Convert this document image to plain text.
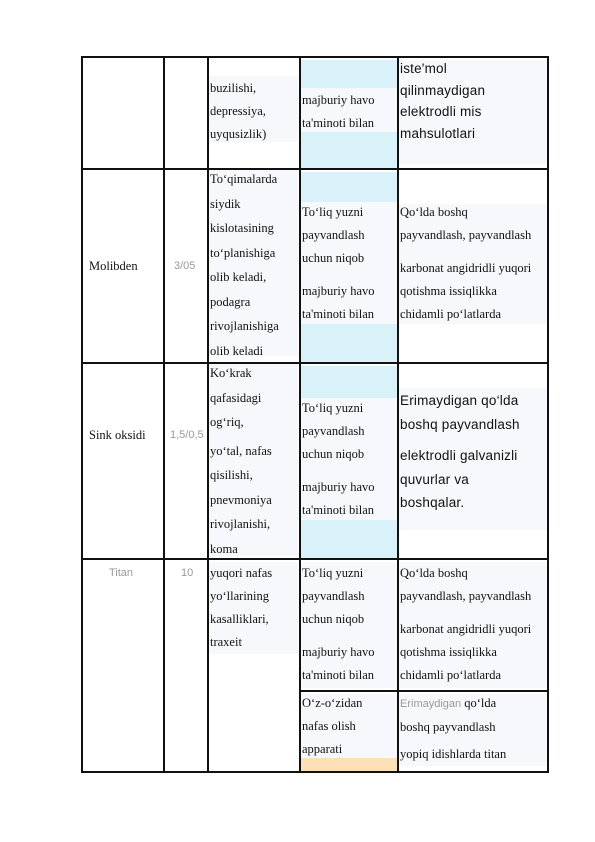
buzilishi,
depressiya,
uyqusizlik)
majburiy havo
ta'minoti bilan
iste'mol
qilinmaydigan
elektrodli mis
mahsulotlari
Molibden	3/05
To‘qimalarda
siydik
kislotasining
to‘planishiga
olib keladi,
podagra
rivojlanishiga
olib keladi
To‘liq yuzni
payvandlash
uchun niqob
majburiy havo
ta'minoti bilan
Qo‘lda boshq
payvandlash, payvandlash
karbonat angidridli yuqori
qotishma issiqlikka
chidamli po‘latlarda
Sink oksidi 1,5/0,5
Ko‘krak
qafasidagi
og‘riq,
yo‘tal, nafas
qisilishi,
pnevmoniya
rivojlanishi,
koma
To‘liq yuzni
payvandlash
uchun niqob
majburiy havo
ta'minoti bilan
Erimaydigan qo‘lda
boshq payvandlash
elektrodli galvanizli
quvurlar va
boshqalar.
Titan	10 yuqori nafas
yo‘llarining
kasalliklari,
traxeit
To‘liq yuzni
payvandlash
uchun niqob
majburiy havo
ta'minoti bilan
Qo‘lda boshq
payvandlash, payvandlash
karbonat angidridli yuqori
qotishma issiqlikka
chidamli po‘latlarda
O‘z-o‘zidan
nafas olish
apparati
Erimaydigan qo‘lda
boshq payvandlash
yopiq idishlarda titan
